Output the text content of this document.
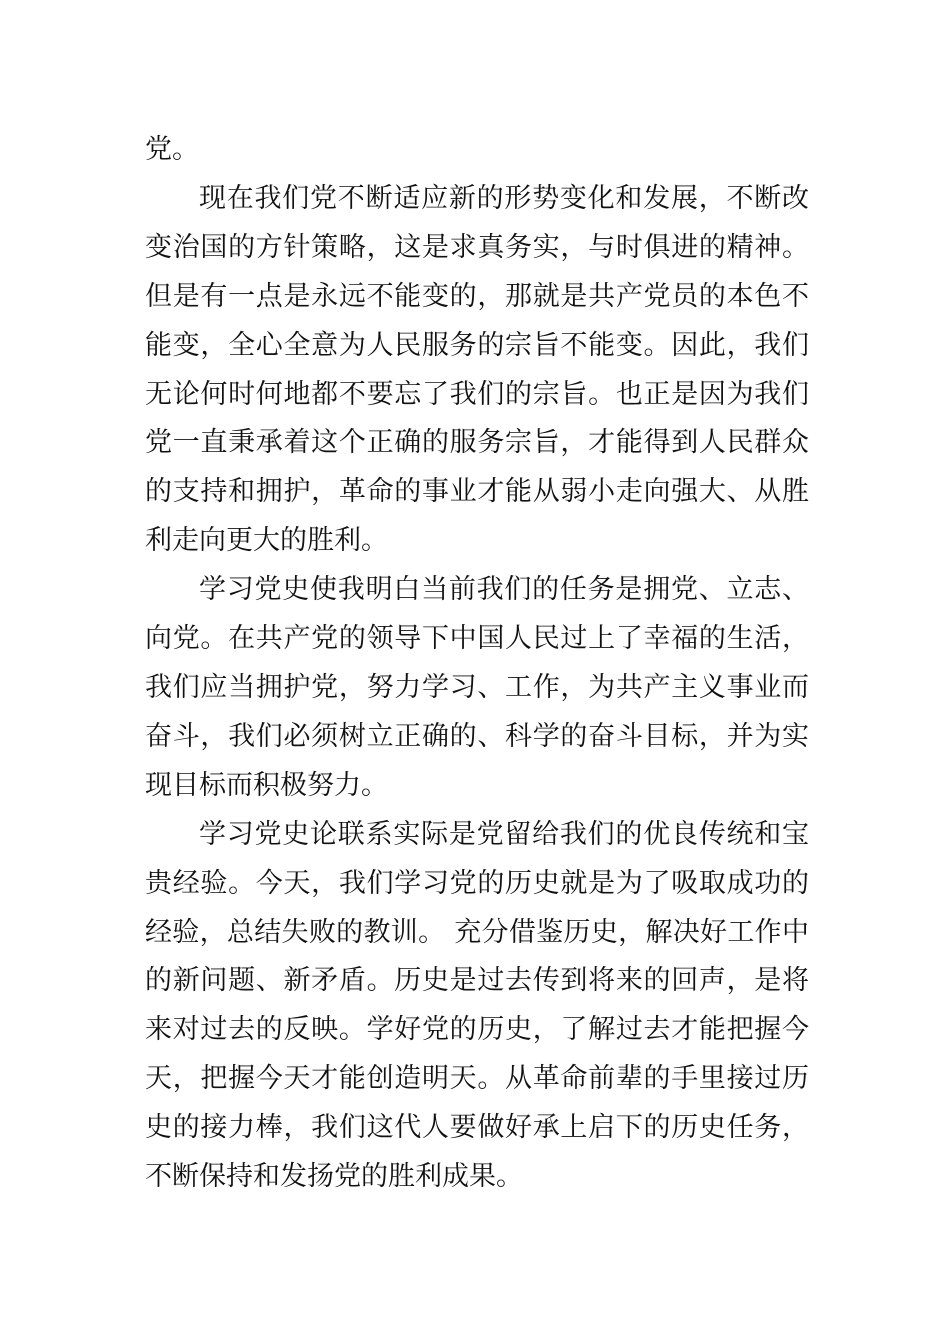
党。

现在我们党不断适应新的形势变化和发展，不断改变治国的方针策略，这是求真务实，与时俱进的精神。但是有一点是永远不能变的，那就是共产党员的本色不能变，全心全意为人民服务的宗旨不能变。因此，我们无论何时何地都不要忘了我们的宗旨。也正是因为我们党一直秉承着这个正确的服务宗旨，才能得到人民群众的支持和拥护，革命的事业才能从弱小走向强大、从胜利走向更大的胜利。

学习党史使我明白当前我们的任务是拥党、立志、向党。在共产党的领导下中国人民过上了幸福的生活，我们应当拥护党，努力学习、工作，为共产主义事业而奋斗，我们必须树立正确的、科学的奋斗目标，并为实现目标而积极努力。

学习党史论联系实际是党留给我们的优良传统和宝贵经验。今天，我们学习党的历史就是为了吸取成功的经验，总结失败的教训。 充分借鉴历史，解决好工作中的新问题、新矛盾。历史是过去传到将来的回声，是将来对过去的反映。学好党的历史，了解过去才能把握今天，把握今天才能创造明天。从革命前辈的手里接过历史的接力棒，我们这代人要做好承上启下的历史任务，不断保持和发扬党的胜利成果。
